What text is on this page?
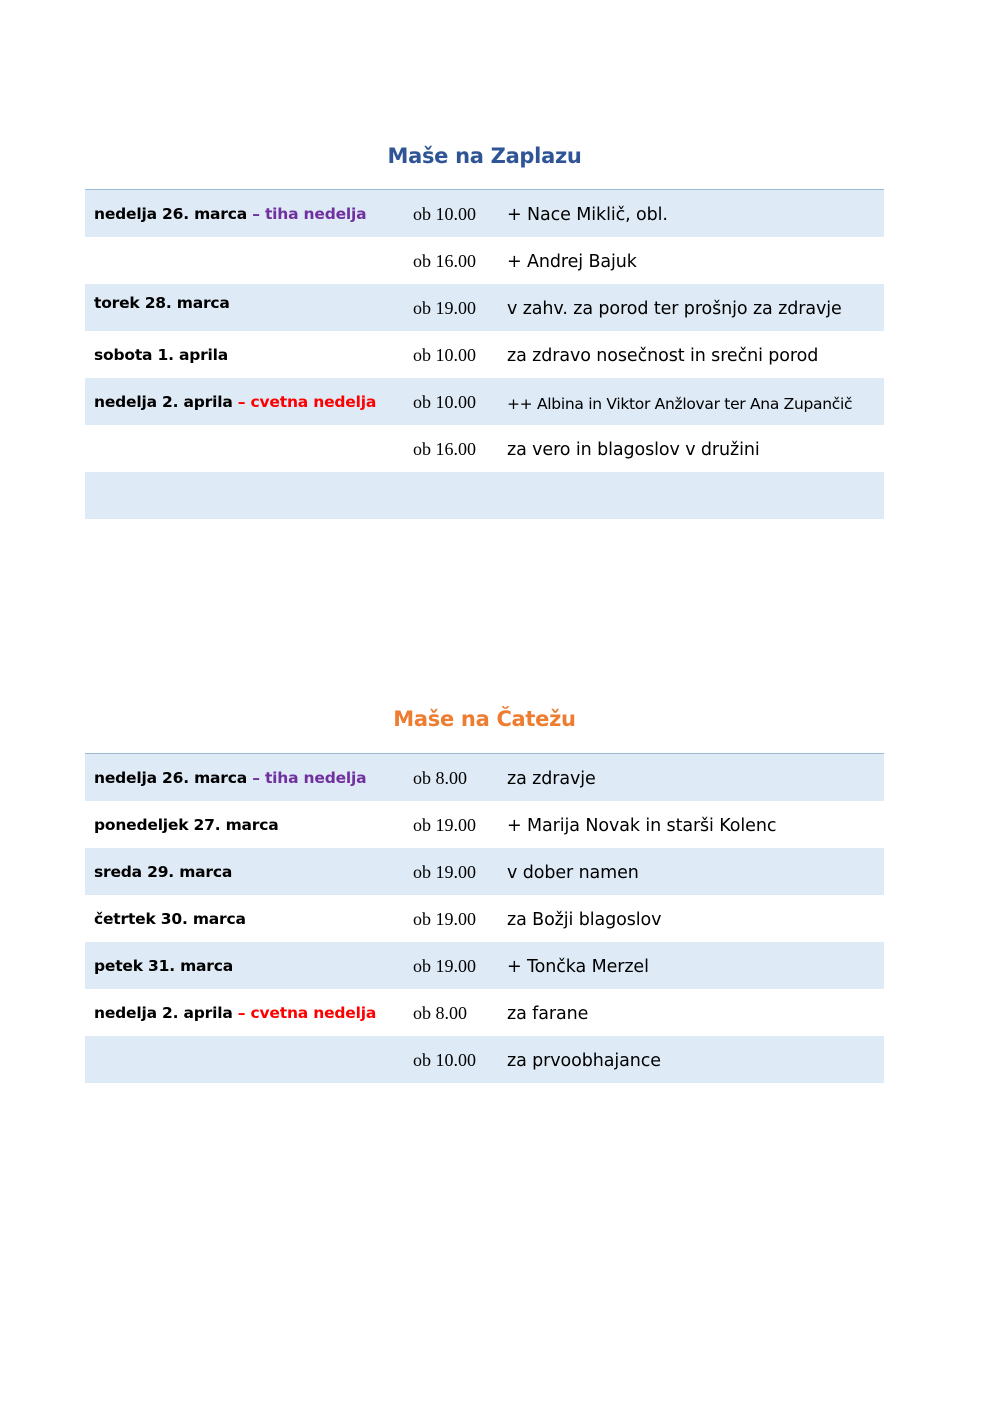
Maše na Zaplazu
nedelja 26. marca – tiha nedelja	ob 10.00 + Nace Miklič, obl.
ob 16.00 + Andrej Bajuk
torek 28. marca	ob 19.00 v zahv. za porod ter prošnjo za zdravje
sobota 1. aprila	ob 10.00 za zdravo nosečnost in srečni porod
nedelja 2. aprila – cvetna nedelja ob 10.00 ++ Albina in Viktor Anžlovar ter Ana Zupančič
ob 16.00 za vero in blagoslov v družini
Maše na Čatežu
nedelja 26. marca – tiha nedelja	ob 8.00 za zdravje
ponedeljek 27. marca	ob 19.00 + Marija Novak in starši Kolenc
sreda 29. marca	ob 19.00 v dober namen
četrtek 30. marca	ob 19.00 za Božji blagoslov
petek 31. marca	ob 19.00 + Tončka Merzel
nedelja 2. aprila – cvetna nedelja ob 8.00 za farane
ob 10.00 za prvoobhajance
